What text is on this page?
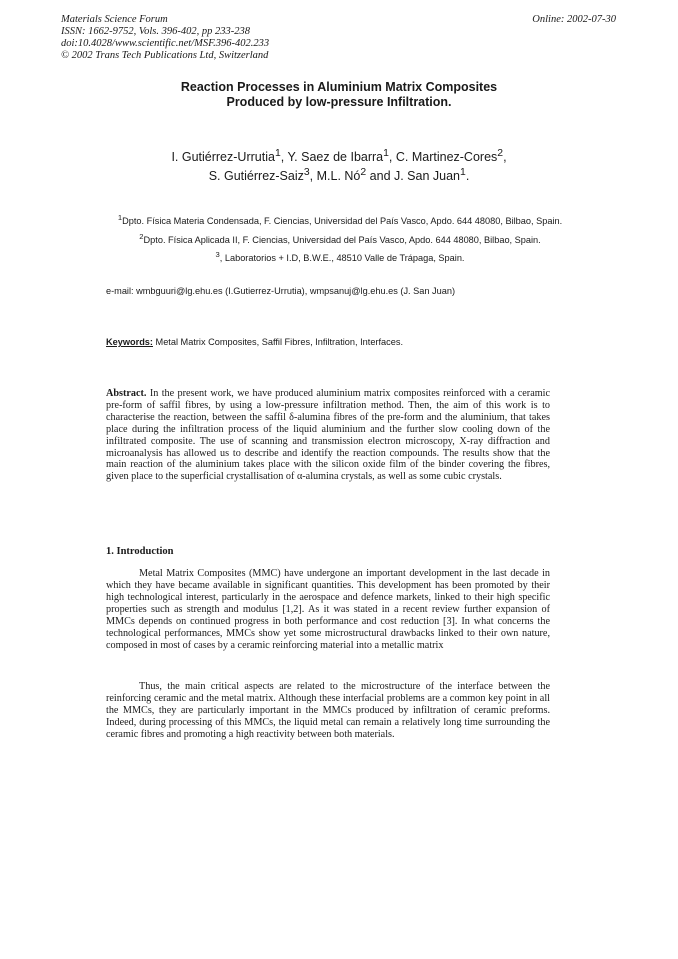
Materials Science Forum
ISSN: 1662-9752, Vols. 396-402, pp 233-238
doi:10.4028/www.scientific.net/MSF.396-402.233
© 2002 Trans Tech Publications Ltd, Switzerland
Online: 2002-07-30
Reaction Processes in Aluminium Matrix Composites
Produced by low-pressure Infiltration.
I. Gutiérrez-Urrutia$^1$, Y. Saez de Ibarra$^1$, C. Martinez-Cores$^2$,
S. Gutiérrez-Saiz$^3$, M.L. $Nó^2$ and J. San Juan$^1$.

$^1$Dpto. Física Materia Condensada, F. Ciencias, Universidad del País Vasco, Apdo. 644 48080, Bilbao, Spain.

$^2$Dpto. Física Aplicada II, F. Ciencias, Universidad del País Vasco, Apdo. 644 48080, Bilbao, Spain.

$^3$, Laboratorios + I.D, B.W.E., 48510 Valle de Trápaga, Spain.

e-mail: wmbguuri@lg.ehu.es (I.Gutierrez-Urrutia), wmpsanuj@lg.ehu.es (J. San Juan)
Keywords: Metal Matrix Composites, Saffil Fibres, Infiltration, Interfaces.
Abstract. In the present work, we have produced aluminium matrix composites reinforced with a ceramic pre-form of saffil fibres, by using a low-pressure infiltration method. Then, the aim of this work is to characterise the reaction, between the saffil δ-alumina fibres of the pre-form and the aluminium, that takes place during the infiltration process of the liquid aluminium and the further slow cooling down of the infiltrated composite. The use of scanning and transmission electron microscopy, X-ray diffraction and microanalysis has allowed us to describe and identify the reaction compounds. The results show that the main reaction of the aluminium takes place with the silicon oxide film of the binder covering the fibres, given place to the superficial crystallisation of α-alumina crystals, as well as some cubic crystals.
1. Introduction

Metal Matrix Composites (MMC) have undergone an important development in the last decade in which they have became available in significant quantities. This development has been promoted by their high technological interest, particularly in the aerospace and defence markets, linked to their high specific properties such as strength and modulus [1,2]. As it was stated in a recent review further expansion of MMCs depends on continued progress in both performance and cost reduction [3]. In what concerns the technological performances, MMCs show yet some microstructural drawbacks linked to their own nature, composed in most of cases by a ceramic reinforcing material into a metallic matrix

Thus, the main critical aspects are related to the microstructure of the interface between the reinforcing ceramic and the metal matrix. Although these interfacial problems are a common key point in all the MMCs, they are particularly important in the MMCs produced by infiltration of ceramic preforms. Indeed, during processing of this MMCs, the liquid metal can remain a relatively long time surrounding the ceramic fibres and promoting a high reactivity between both materials.
